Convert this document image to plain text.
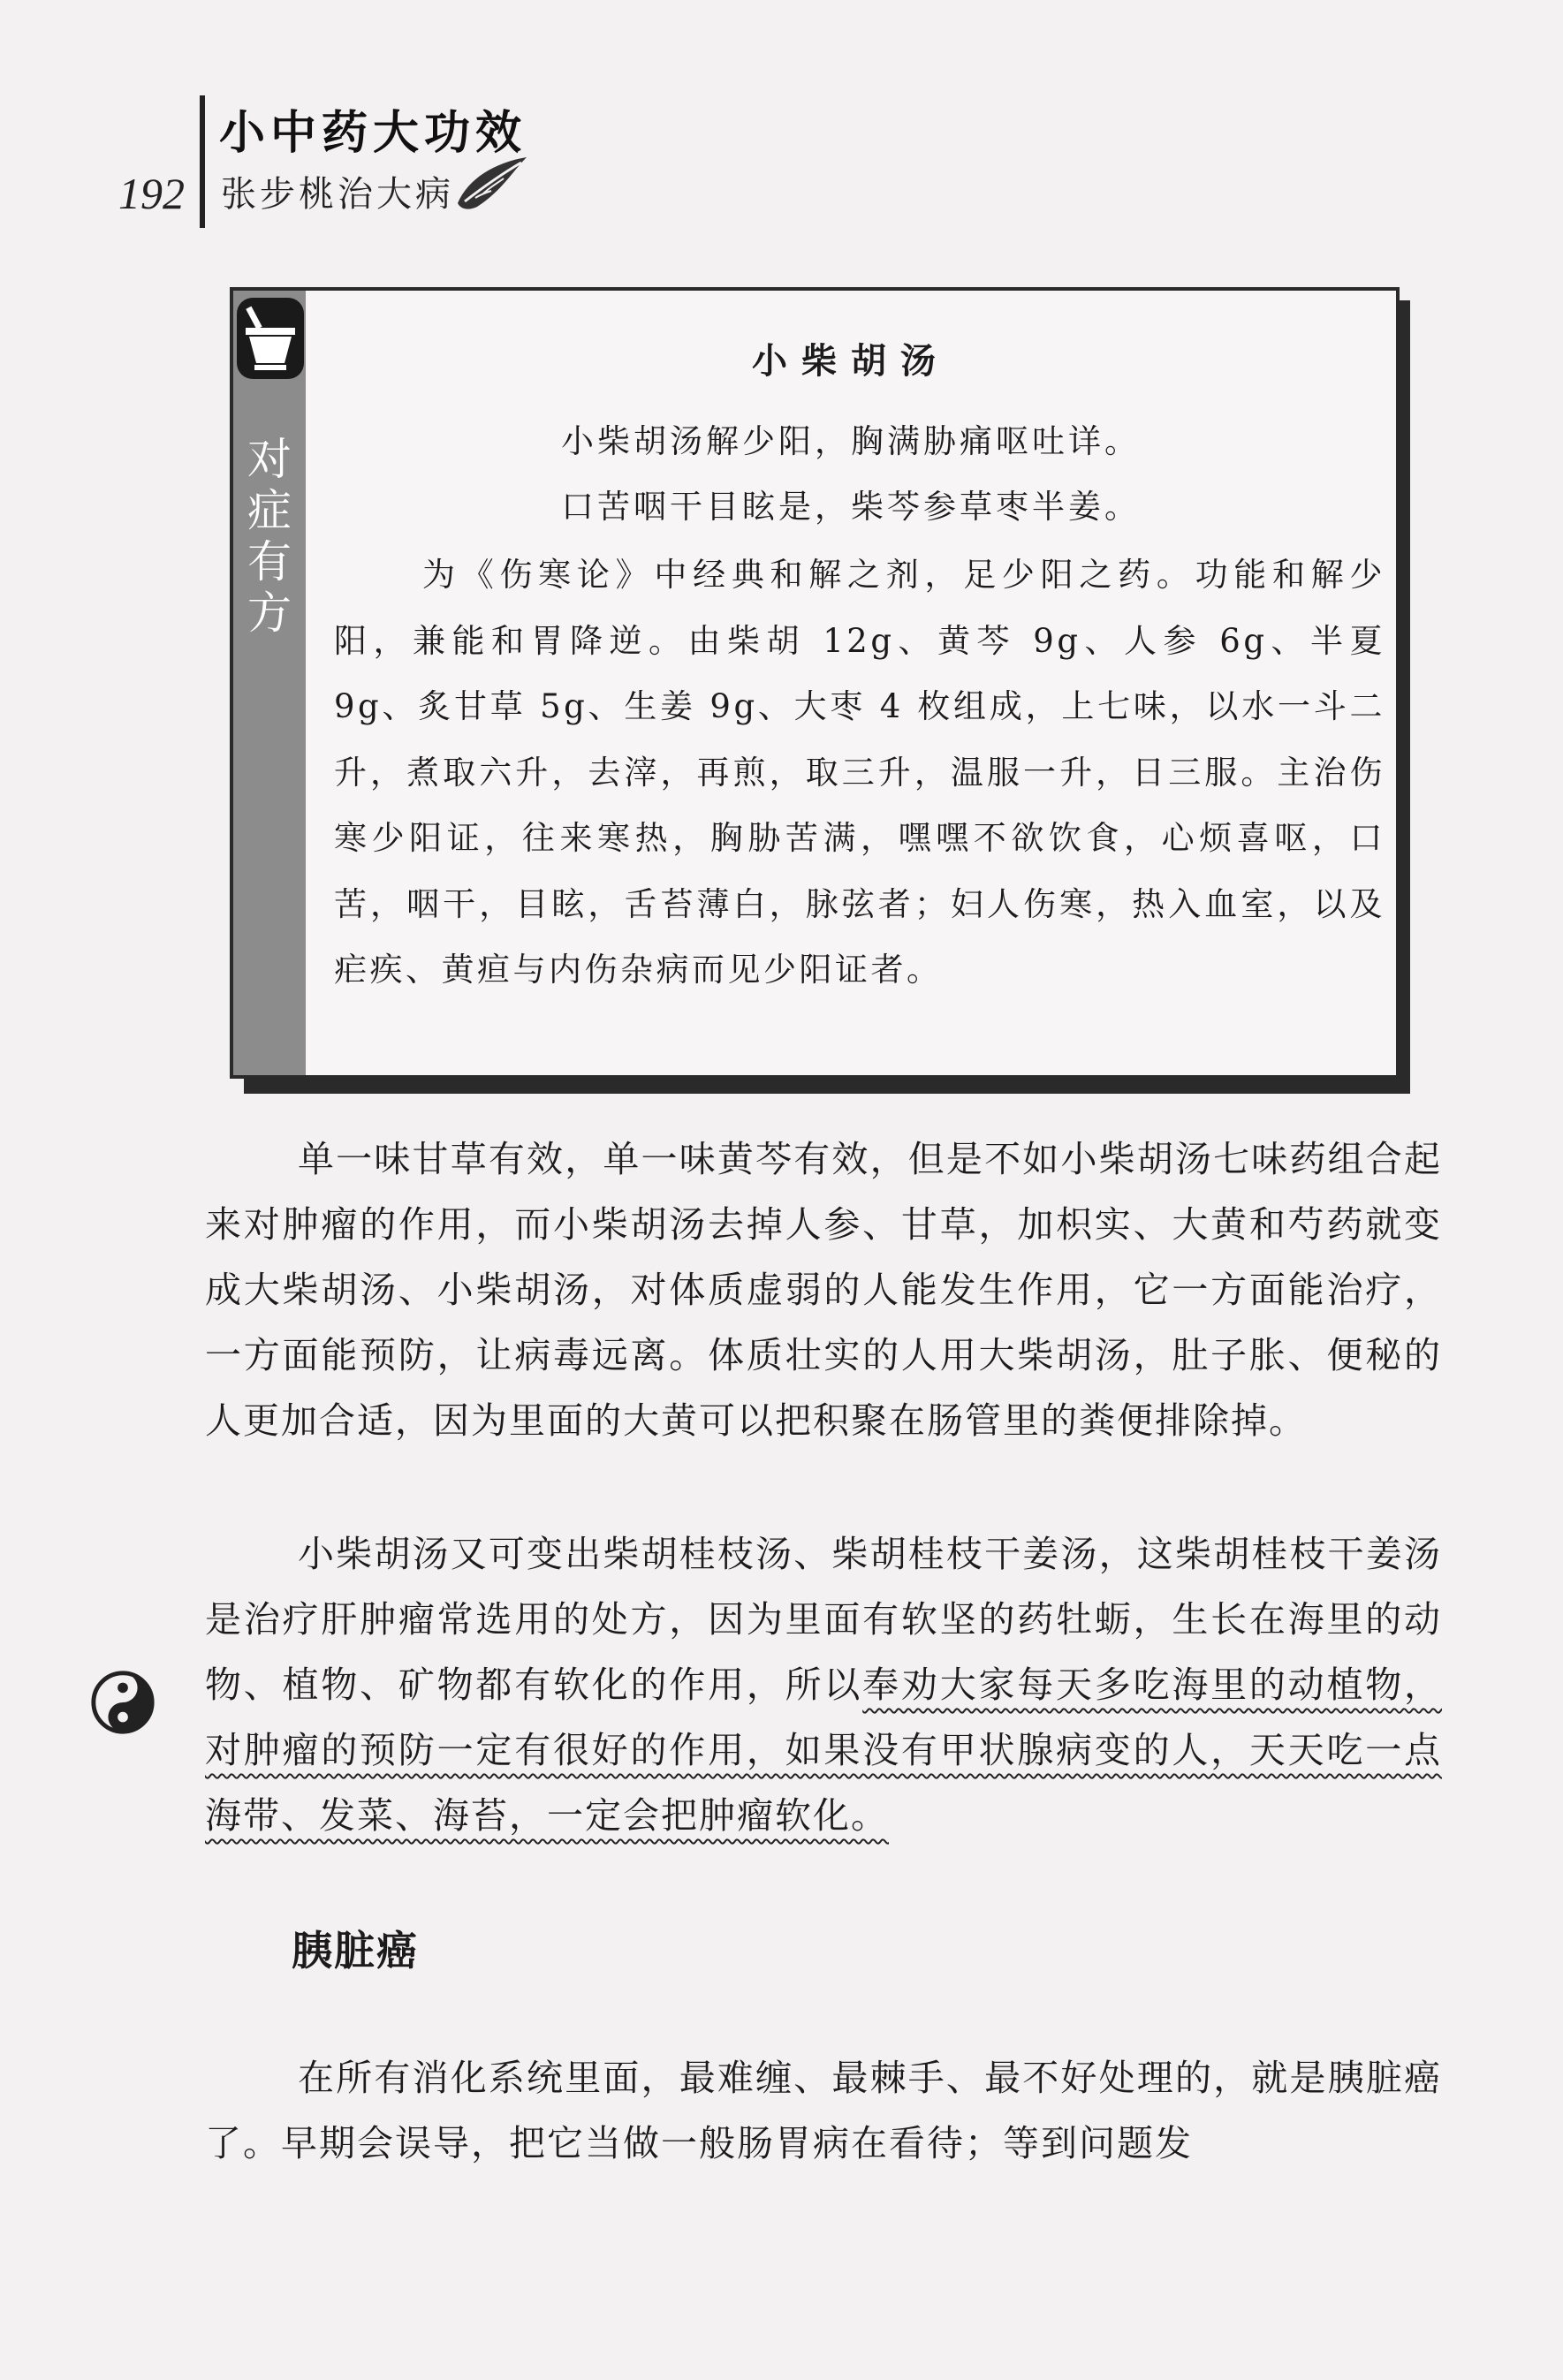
192
小中药大功效
张步桃治大病
对
症
有
方
小柴胡汤
小柴胡汤解少阳，胸满胁痛呕吐详。
口苦咽干目眩是，柴芩参草枣半姜。

为《伤寒论》中经典和解之剂，足少阳之药。功能和解少阳，兼能和胃降逆。由柴胡 12g、黄芩 9g、人参 6g、半夏 9g、炙甘草 5g、生姜 9g、大枣 4 枚组成，上七味，以水一斗二升，煮取六升，去滓，再煎，取三升，温服一升，日三服。主治伤寒少阳证，往来寒热，胸胁苦满，嘿嘿不欲饮食，心烦喜呕，口苦，咽干，目眩，舌苔薄白，脉弦者；妇人伤寒，热入血室，以及疟疾、黄疸与内伤杂病而见少阳证者。

单一味甘草有效，单一味黄芩有效，但是不如小柴胡汤七味药组合起来对肿瘤的作用，而小柴胡汤去掉人参、甘草，加枳实、大黄和芍药就变成大柴胡汤、小柴胡汤，对体质虚弱的人能发生作用，它一方面能治疗，一方面能预防，让病毒远离。体质壮实的人用大柴胡汤，肚子胀、便秘的人更加合适，因为里面的大黄可以把积聚在肠管里的粪便排除掉。

小柴胡汤又可变出柴胡桂枝汤、柴胡桂枝干姜汤，这柴胡桂枝干姜汤是治疗肝肿瘤常选用的处方，因为里面有软坚的药牡蛎，生长在海里的动物、植物、矿物都有软化的作用，所以奉劝大家每天多吃海里的动植物，对肿瘤的预防一定有很好的作用，如果没有甲状腺病变的人，天天吃一点海带、发菜、海苔，一定会把肿瘤软化。

胰脏癌

在所有消化系统里面，最难缠、最棘手、最不好处理的，就是胰脏癌了。早期会误导，把它当做一般肠胃病在看待；等到问题发
